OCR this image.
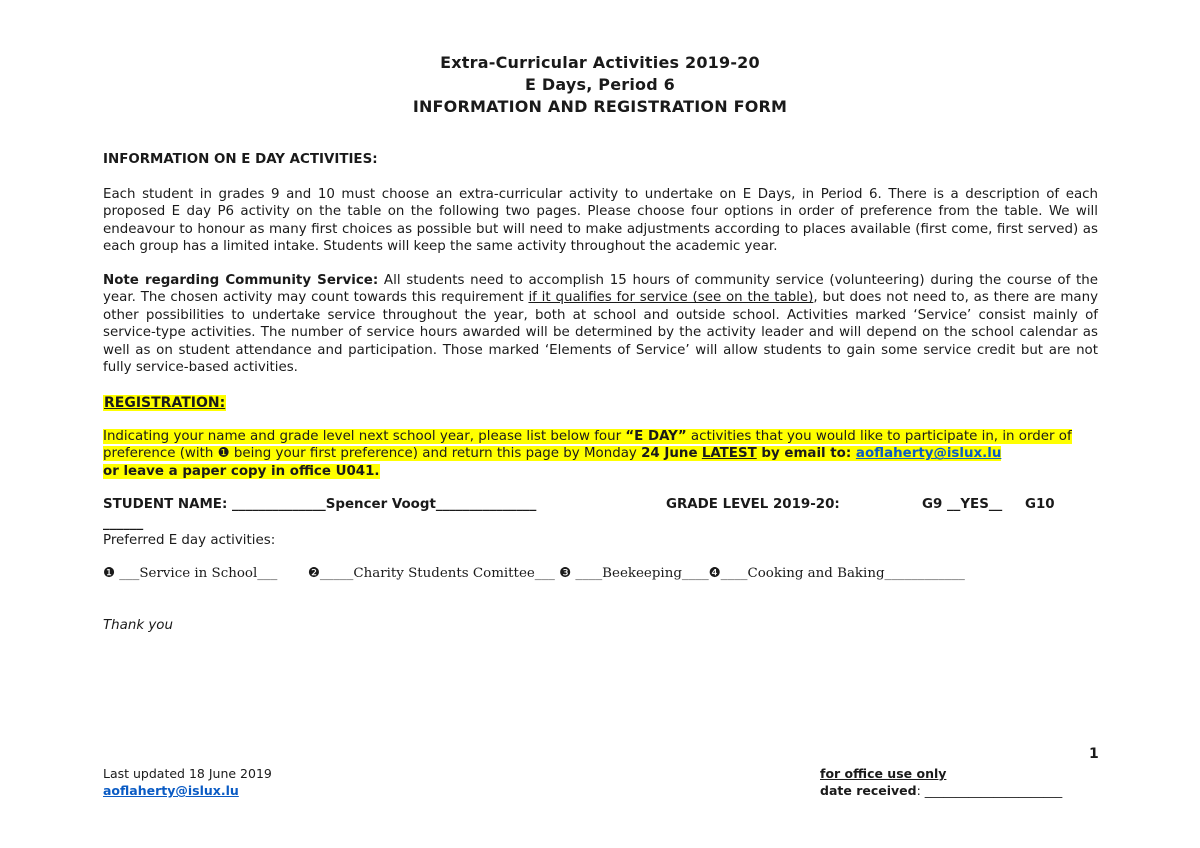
Extra-Curricular Activities 2019-20
E Days, Period 6
INFORMATION AND REGISTRATION FORM
INFORMATION ON E DAY ACTIVITIES:
Each student in grades 9 and 10 must choose an extra-curricular activity to undertake on E Days, in Period 6. There is a description of each proposed E day P6 activity on the table on the following two pages. Please choose four options in order of preference from the table. We will endeavour to honour as many first choices as possible but will need to make adjustments according to places available (first come, first served) as each group has a limited intake. Students will keep the same activity throughout the academic year.
Note regarding Community Service: All students need to accomplish 15 hours of community service (volunteering) during the course of the year. The chosen activity may count towards this requirement if it qualifies for service (see on the table), but does not need to, as there are many other possibilities to undertake service throughout the year, both at school and outside school. Activities marked ‘Service’ consist mainly of service-type activities. The number of service hours awarded will be determined by the activity leader and will depend on the school calendar as well as on student attendance and participation. Those marked ‘Elements of Service’ will allow students to gain some service credit but are not fully service-based activities.
REGISTRATION:
Indicating your name and grade level next school year, please list below four “E DAY” activities that you would like to participate in, in order of preference (with ❶ being your first preference) and return this page by Monday 24 June LATEST by email to: aoflaherty@islux.lu
or leave a paper copy in office U041.
STUDENT NAME: ______________Spencer Voogt_______________	GRADE LEVEL 2019-20:	G9 __YES__ G10
______
Preferred E day activities:
❶ ___Service in School___ ❷_____Charity Students Comittee___ ❸ ____Beekeeping____❹____Cooking and Baking____________
Thank you
1
Last updated 18 June 2019
aoflaherty@islux.lu
for office use only
date received: ______________________
